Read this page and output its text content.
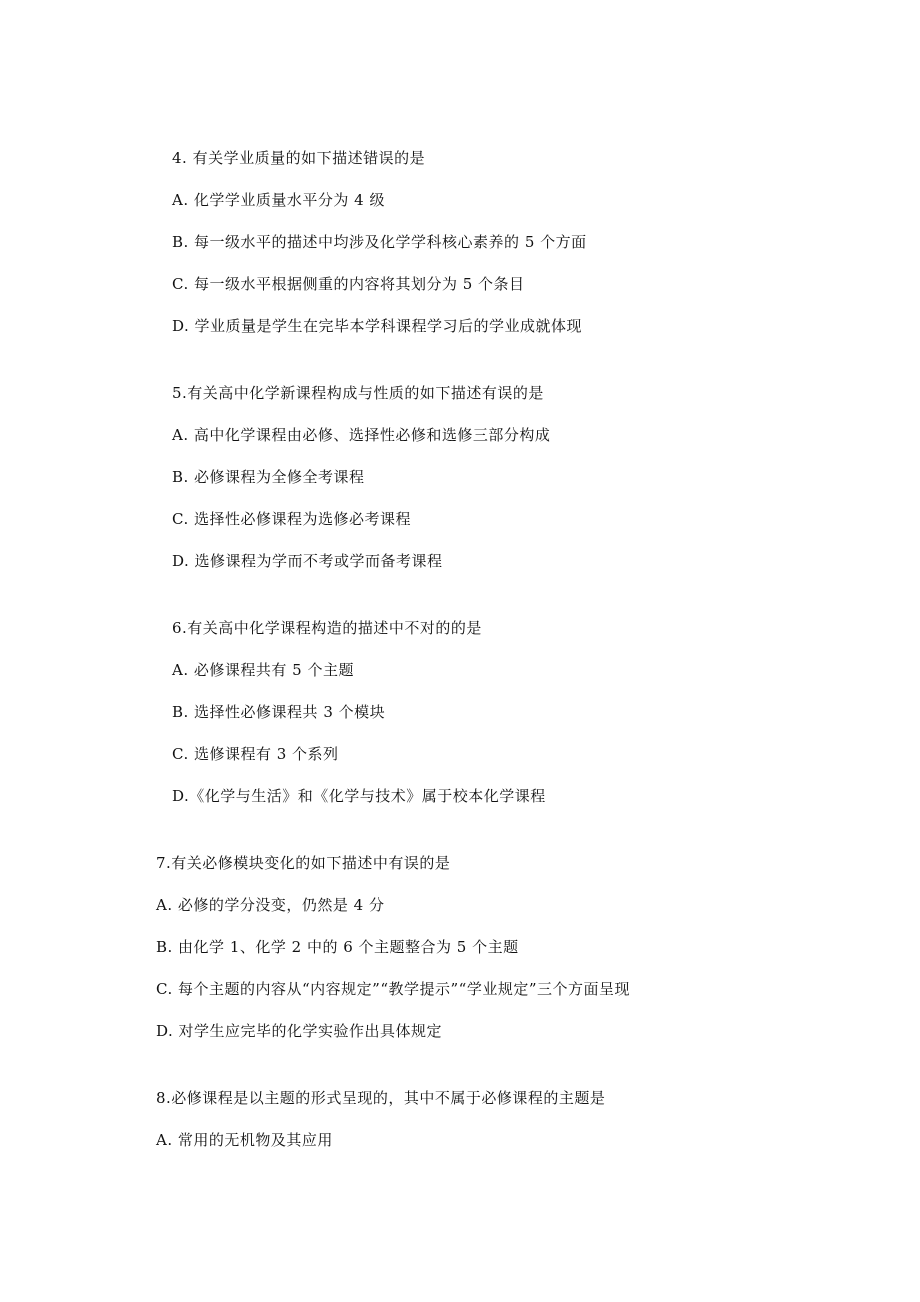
4. 有关学业质量的如下描述错误的是
A. 化学学业质量水平分为 4 级
B. 每一级水平的描述中均涉及化学学科核心素养的 5 个方面
C. 每一级水平根据侧重的内容将其划分为 5 个条目
D. 学业质量是学生在完毕本学科课程学习后的学业成就体现
5.有关高中化学新课程构成与性质的如下描述有误的是
A. 高中化学课程由必修、选择性必修和选修三部分构成
B. 必修课程为全修全考课程
C. 选择性必修课程为选修必考课程
D. 选修课程为学而不考或学而备考课程
6.有关高中化学课程构造的描述中不对的的是
A. 必修课程共有 5 个主题
B. 选择性必修课程共 3 个模块
C. 选修课程有 3 个系列
D.《化学与生活》和《化学与技术》属于校本化学课程
7.有关必修模块变化的如下描述中有误的是
A. 必修的学分没变，仍然是 4 分
B. 由化学 1、化学 2 中的 6 个主题整合为 5 个主题
C. 每个主题的内容从“内容规定”“教学提示”“学业规定”三个方面呈现
D. 对学生应完毕的化学实验作出具体规定
8.必修课程是以主题的形式呈现的，其中不属于必修课程的主题是
A. 常用的无机物及其应用
